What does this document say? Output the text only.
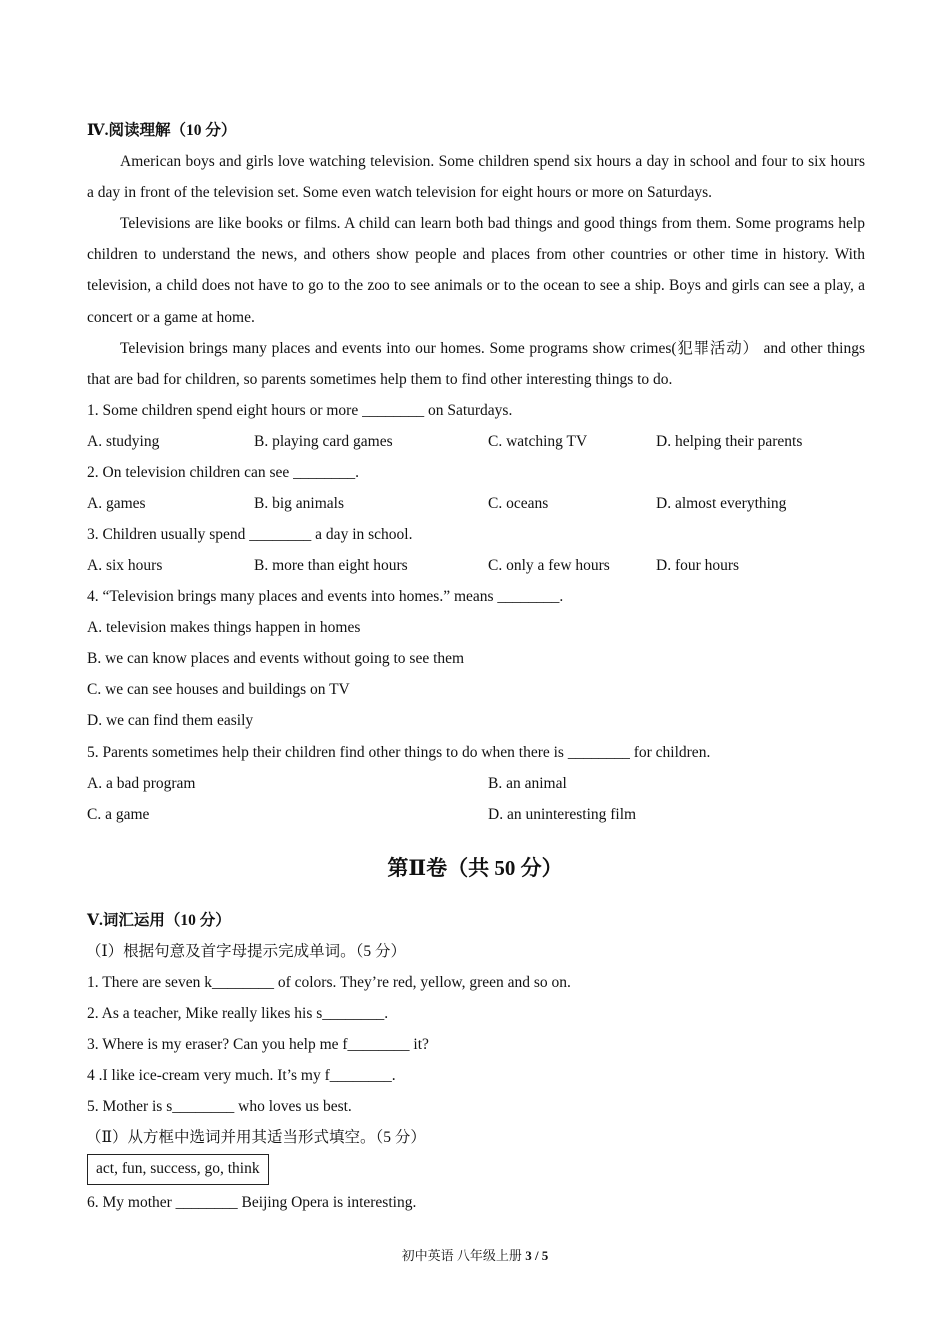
Ⅳ.阅读理解（10 分）
American boys and girls love watching television. Some children spend six hours a day in school and four to six hours a day in front of the television set. Some even watch television for eight hours or more on Saturdays.
Televisions are like books or films. A child can learn both bad things and good things from them. Some programs help children to understand the news, and others show people and places from other countries or other time in history. With television, a child does not have to go to the zoo to see animals or to the ocean to see a ship. Boys and girls can see a play, a concert or a game at home.
Television brings many places and events into our homes. Some programs show crimes(犯罪活动） and other things that are bad for children, so parents sometimes help them to find other interesting things to do.
1. Some children spend eight hours or more ________ on Saturdays.
A. studying	B. playing card games	C. watching TV	D. helping their parents
2. On television children can see ________.
A. games	B. big animals	C. oceans	D. almost everything
3. Children usually spend ________ a day in school.
A. six hours	B. more than eight hours	C. only a few hours	D. four hours
4. “Television brings many places and events into homes.” means ________.
A. television makes things happen in homes
B. we can know places and events without going to see them
C. we can see houses and buildings on TV
D. we can find them easily
5. Parents sometimes help their children find other things to do when there is ________ for children.
A. a bad program	B. an animal
C. a game	D. an uninteresting film
第Ⅱ卷（共 50 分）
Ⅴ.词汇运用（10 分）
（Ⅰ）根据句意及首字母提示完成单词。（5 分）
1. There are seven k________ of colors. They’re red, yellow, green and so on.
2. As a teacher, Mike really likes his s________.
3. Where is my eraser? Can you help me f________ it?
4 .I like ice-cream very much. It’s my f________.
5. Mother is s________ who loves us best.
（Ⅱ）从方框中选词并用其适当形式填空。（5 分）
act, fun, success, go, think
6. My mother ________ Beijing Opera is interesting.
初中英语 八年级上册 3 / 5
